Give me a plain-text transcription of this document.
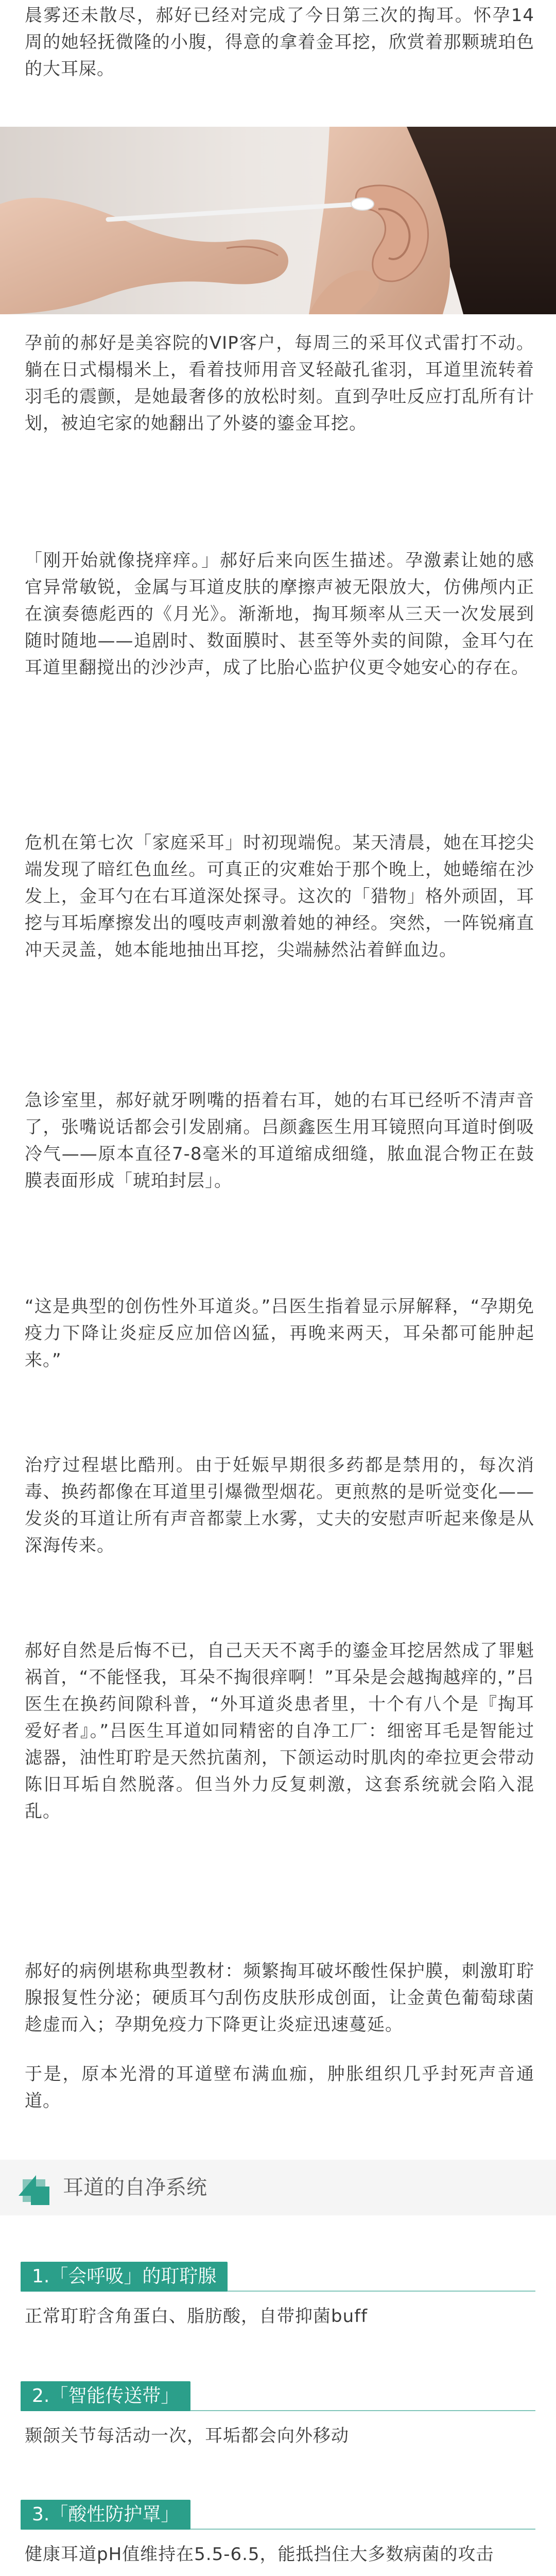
晨雾还未散尽，郝好已经对完成了今日第三次的掏耳。怀孕14周的她轻抚微隆的小腹，得意的拿着金耳挖，欣赏着那颗琥珀色的大耳屎。

孕前的郝好是美容院的VIP客户，每周三的采耳仪式雷打不动。躺在日式榻榻米上，看着技师用音叉轻敲孔雀羽，耳道里流转着羽毛的震颤，是她最奢侈的放松时刻。直到孕吐反应打乱所有计划，被迫宅家的她翻出了外婆的鎏金耳挖。

「刚开始就像挠痒痒。」郝好后来向医生描述。孕激素让她的感官异常敏锐，金属与耳道皮肤的摩擦声被无限放大，仿佛颅内正在演奏德彪西的《月光》。渐渐地，掏耳频率从三天一次发展到随时随地——追剧时、数面膜时、甚至等外卖的间隙，金耳勺在耳道里翻搅出的沙沙声，成了比胎心监护仪更令她安心的存在。

危机在第七次「家庭采耳」时初现端倪。某天清晨，她在耳挖尖端发现了暗红色血丝。可真正的灾难始于那个晚上，她蜷缩在沙发上，金耳勺在右耳道深处探寻。这次的「猎物」格外顽固，耳挖与耳垢摩擦发出的嘎吱声刺激着她的神经。突然，一阵锐痛直冲天灵盖，她本能地抽出耳挖，尖端赫然沾着鲜血边。

急诊室里，郝好就牙咧嘴的捂着右耳，她的右耳已经听不清声音了，张嘴说话都会引发剧痛。吕颜鑫医生用耳镜照向耳道时倒吸冷气——原本直径7-8毫米的耳道缩成细缝，脓血混合物正在鼓膜表面形成「琥珀封层」。

“这是典型的创伤性外耳道炎。”吕医生指着显示屏解释，“孕期免疫力下降让炎症反应加倍凶猛，再晚来两天，耳朵都可能肿起来。”

治疗过程堪比酷刑。由于妊娠早期很多药都是禁用的，每次消毒、换药都像在耳道里引爆微型烟花。更煎熬的是听觉变化——发炎的耳道让所有声音都蒙上水雾，丈夫的安慰声听起来像是从深海传来。

郝好自然是后悔不已，自己天天不离手的鎏金耳挖居然成了罪魁祸首，“不能怪我，耳朵不掏很痒啊！”耳朵是会越掏越痒的，”吕医生在换药间隙科普，“外耳道炎患者里，十个有八个是『掏耳爱好者』。”吕医生耳道如同精密的自净工厂：细密耳毛是智能过滤器，油性耵聍是天然抗菌剂，下颌运动时肌肉的牵拉更会带动陈旧耳垢自然脱落。但当外力反复刺激，这套系统就会陷入混乱。

郝好的病例堪称典型教材：频繁掏耳破坏酸性保护膜，刺激耵聍腺报复性分泌；硬质耳勺刮伤皮肤形成创面，让金黄色葡萄球菌趁虚而入；孕期免疫力下降更让炎症迅速蔓延。

于是，原本光滑的耳道壁布满血痂，肿胀组织几乎封死声音通道。

耳道的自净系统
1.「会呼吸」的耵聍腺

正常耵聍含角蛋白、脂肪酸，自带抑菌buff

2.「智能传送带」

颞颌关节每活动一次，耳垢都会向外移动

3.「酸性防护罩」

健康耳道pH值维持在5.5-6.5，能抵挡住大多数病菌的攻击
